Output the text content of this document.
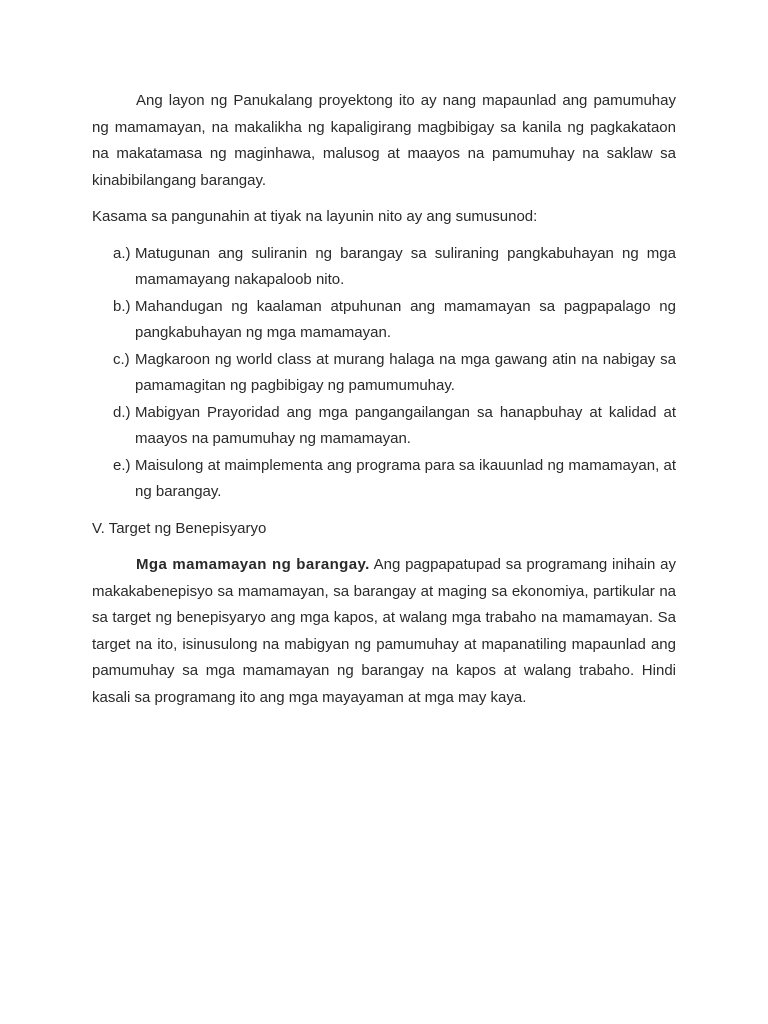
Ang layon ng Panukalang proyektong ito ay nang mapaunlad ang pamumuhay ng mamamayan, na makalikha ng kapaligirang magbibigay sa kanila ng pagkakataon na makatamasa ng maginhawa, malusog at maayos na pamumuhay na saklaw sa kinabibilangang barangay.

Kasama sa pangunahin at tiyak na layunin nito ay ang sumusunod:

a.) Matugunan ang suliranin ng barangay sa suliraning pangkabuhayan ng mga mamamayang nakapaloob nito.
b.) Mahandugan ng kaalaman atpuhunan ang mamamayan sa pagpapalago ng pangkabuhayan ng mga mamamayan.
c.) Magkaroon ng world class at murang halaga na mga gawang atin na nabigay sa pamamagitan ng pagbibigay ng pamumumuhay.
d.) Mabigyan Prayoridad ang mga pangangailangan sa hanapbuhay at kalidad at maayos na pamumuhay ng mamamayan.
e.) Maisulong at maimplementa ang programa para sa ikauunlad ng mamamayan, at ng barangay.

V. Target ng Benepisyaryo

Mga mamamayan ng barangay. Ang pagpapatupad sa programang inihain ay makakabenepisyo sa mamamayan, sa barangay at maging sa ekonomiya, partikular na sa target ng benepisyaryo ang mga kapos, at walang mga trabaho na mamamayan. Sa target na ito, isinusulong na mabigyan ng pamumuhay at mapanatiling mapaunlad ang pamumuhay sa mga mamamayan ng barangay na kapos at walang trabaho. Hindi kasali sa programang ito ang mga mayayaman at mga may kaya.
